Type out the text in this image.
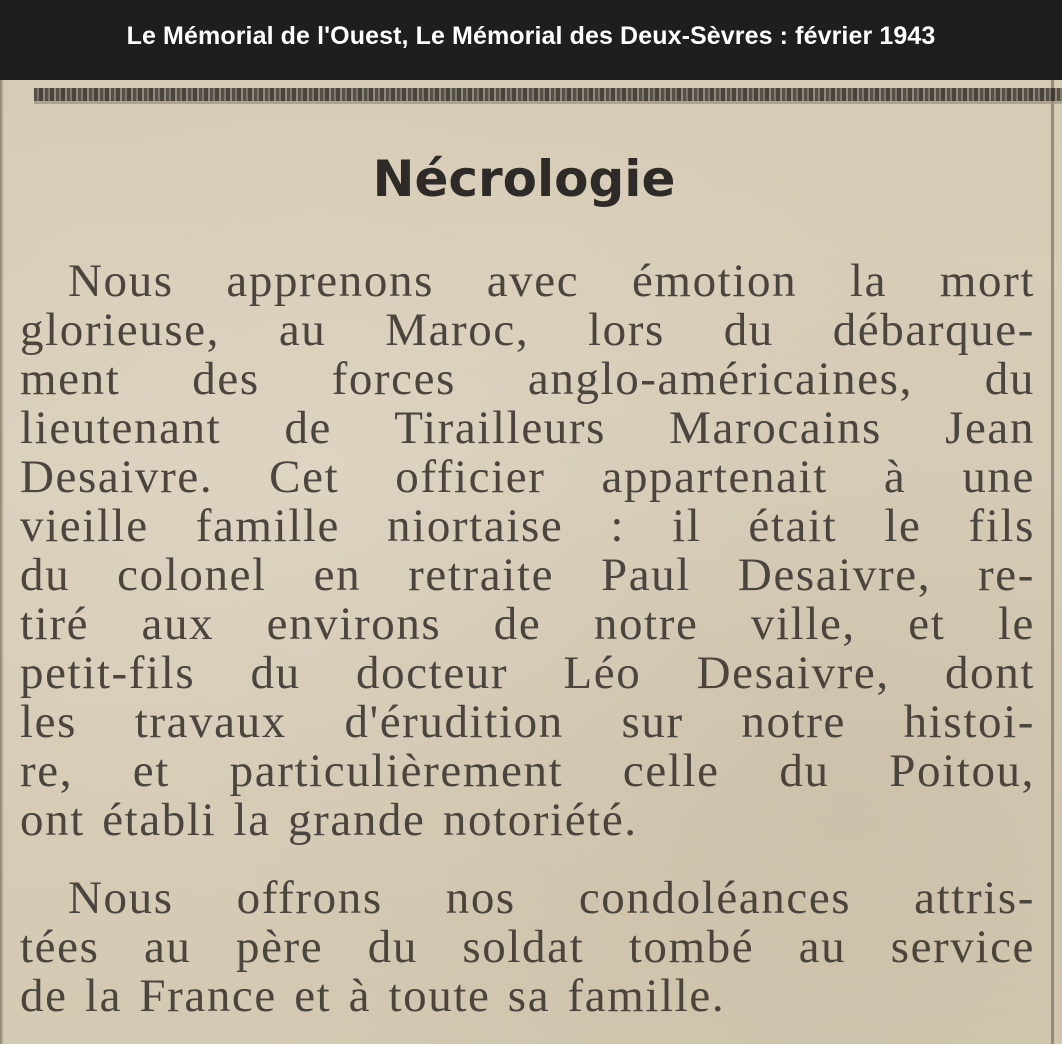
Le Mémorial de l'Ouest, Le Mémorial des Deux-Sèvres : février 1943
Nécrologie
Nous apprenons avec émotion la mort
glorieuse, au Maroc, lors du débarque-
ment des forces anglo-américaines, du
lieutenant de Tirailleurs Marocains Jean
Desaivre. Cet officier appartenait à une
vieille famille niortaise : il était le fils
du colonel en retraite Paul Desaivre, re-
tiré aux environs de notre ville, et le
petit-fils du docteur Léo Desaivre, dont
les travaux d'érudition sur notre histoi-
re, et particulièrement celle du Poitou,
ont établi la grande notoriété.
Nous offrons nos condoléances attris-
tées au père du soldat tombé au service
de la France et à toute sa famille.
